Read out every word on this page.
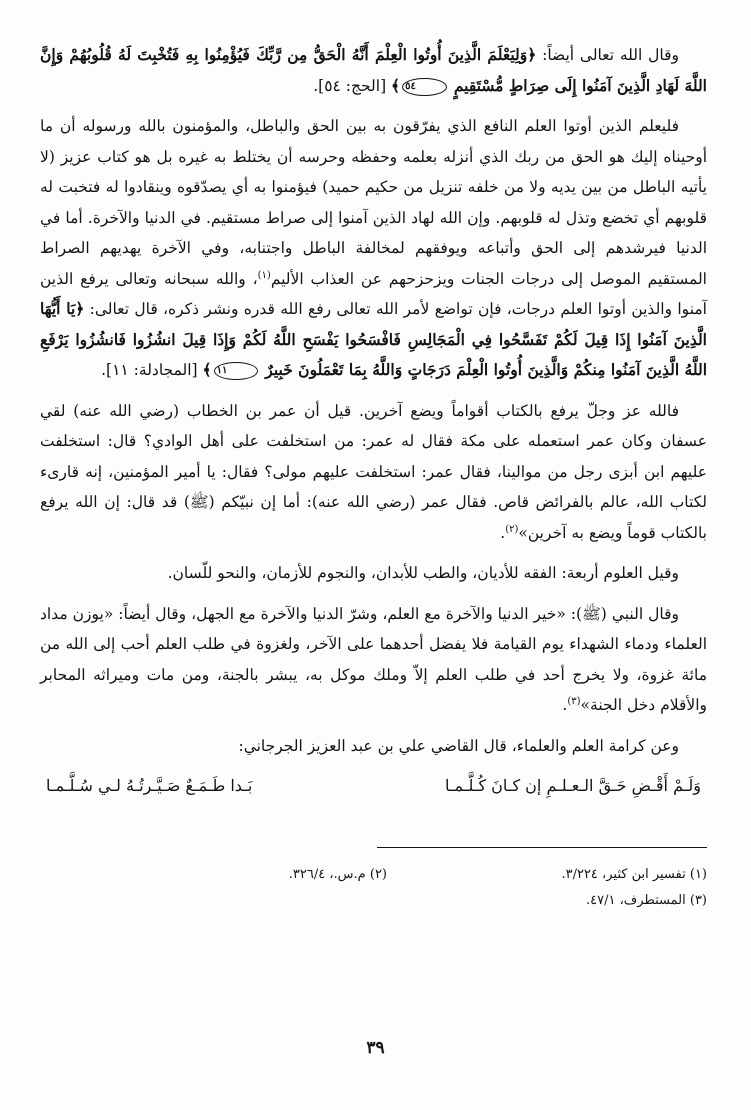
وقال الله تعالى أيضاً: ﴿وَلِيَعْلَمَ الَّذِينَ أُوتُوا الْعِلْمَ أَنَّهُ الْحَقُّ مِن رَّبِّكَ فَيُؤْمِنُوا بِهِ فَتُخْبِتَ لَهُ قُلُوبُهُمْ وَإِنَّ اللَّهَ لَهَادِ الَّذِينَ آمَنُوا إِلَى صِرَاطٍ مُّسْتَقِيمٍ ٥٤﴾ [الحج: ٥٤].

فليعلم الذين أوتوا العلم النافع الذي يفرّقون به بين الحق والباطل، والمؤمنون بالله ورسوله أن ما أوحيناه إليك هو الحق من ربك الذي أنزله بعلمه وحفظه وحرسه أن يختلط به غيره بل هو كتاب عزيز (لا يأتيه الباطل من بين يديه ولا من خلفه تنزيل من حكيم حميد) فيؤمنوا به أي يصدّقوه وينقادوا له فتخبت له قلوبهم أي تخضع وتذل له قلوبهم. وإن الله لهاد الذين آمنوا إلى صراط مستقيم. في الدنيا والآخرة. أما في الدنيا فيرشدهم إلى الحق وأتباعه ويوفقهم لمخالفة الباطل واجتنابه، وفي الآخرة يهديهم الصراط المستقيم الموصل إلى درجات الجنات ويزحزحهم عن العذاب الأليم$^{(١)}$، والله سبحانه وتعالى يرفع الذين آمنوا والذين أوتوا العلم درجات، فإن تواضع لأمر الله تعالى رفع الله قدره ونشر ذكره، قال تعالى: ﴿يَا أَيُّهَا الَّذِينَ آمَنُوا إِذَا قِيلَ لَكُمْ تَفَسَّحُوا فِي الْمَجَالِسِ فَافْسَحُوا يَفْسَحِ اللَّهُ لَكُمْ وَإِذَا قِيلَ انشُزُوا فَانشُزُوا يَرْفَعِ اللَّهُ الَّذِينَ آمَنُوا مِنكُمْ وَالَّذِينَ أُوتُوا الْعِلْمَ دَرَجَاتٍ وَاللَّهُ بِمَا تَعْمَلُونَ خَبِيرٌ ١١﴾ [المجادلة: ١١].

فالله عز وجلّ يرفع بالكتاب أقواماً ويضع آخرين. قيل أن عمر بن الخطاب (رضي الله عنه) لقي عسفان وكان عمر استعمله على مكة فقال له عمر: من استخلفت على أهل الوادي؟ قال: استخلفت عليهم ابن أبزى رجل من موالينا، فقال عمر: استخلفت عليهم مولى؟ فقال: يا أمير المؤمنين، إنه قارىء لكتاب الله، عالم بالفرائض قاص. فقال عمر (رضي الله عنه): أما إن نبيّكم (ﷺ) قد قال: إن الله يرفع بالكتاب قوماً ويضع به آخرين»$^{(٢)}$.

وقيل العلوم أربعة: الفقه للأديان، والطب للأبدان، والنجوم للأزمان، والنحو للّسان.

وقال النبي (ﷺ): «خير الدنيا والآخرة مع العلم، وشرّ الدنيا والآخرة مع الجهل، وقال أيضاً: «يوزن مداد العلماء ودماء الشهداء يوم القيامة فلا يفضل أحدهما على الآخر، ولغزوة في طلب العلم أحب إلى الله من مائة غزوة، ولا يخرج أحد في طلب العلم إلاّ وملك موكل به، يبشر بالجنة، ومن مات وميراثه المحابر والأقلام دخل الجنة»$^{(٣)}$.

وعن كرامة العلم والعلماء، قال القاضي علي بن عبد العزيز الجرجاني:

وَلَـمْ أَقْـضِ حَـقَّ الـعـلـمِ إن كـانَ كُـلَّـمـا
بَـدا طَـمَـعٌ صَـيَّـرتُـهُ لـي سُـلَّـمـا
(١) تفسير ابن كثير، ٣/٢٢٤.
(٢) م.س.، ٣٢٦/٤.
(٣) المستطرف، ٤٧/١.
٣٩
